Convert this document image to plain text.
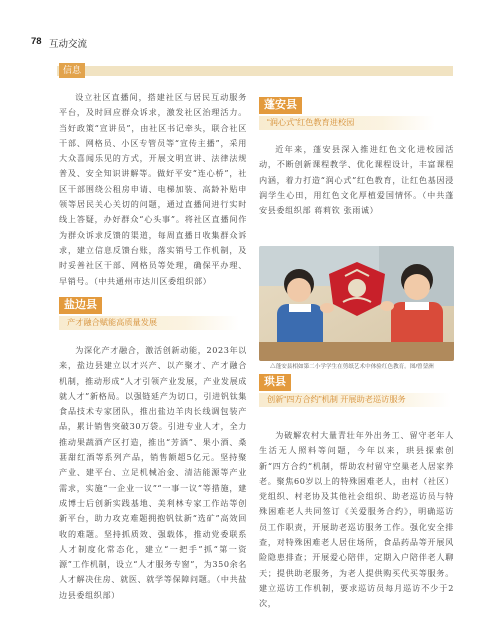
78 互动交流
信息
设立社区直播间，搭建社区与居民互动服务平台，及时回应群众诉求，激发社区治理活力。当好政策“宣讲员”，由社区书记牵头，联合社区干部、网格员、小区专管员等“宣传主播”，采用大众喜闻乐见的方式，开展文明宣讲、法律法规普及、安全知识讲解等。做好平安“连心桥”，社区干部围绕公租房申请、电梯加装、高龄补贴申领等居民关心关切的问题，通过直播间进行实时线上答疑，办好群众“心头事”。将社区直播间作为群众诉求反馈的渠道，每周直播日收集群众诉求，建立信息反馈台账，落实销号工作机制，及时妥善社区干部、网格员等处理，确保平办理、早销号。（中共通州市达川区委组织部）
盐边县
产才融合赋能高质量发展
为深化产才融合，激活创新动能，2023年以来，盐边县建立以才兴产、以产聚才、产才融合机制，推动形成“人才引领产业发展，产业发展成就人才”新格局。以强链延产为切口，引进钒钛集食品技术专家团队，推出盐边羊肉长线调包装产品，累计销售突破30万袋。引进专业人才，全力推动果蔬酒产区打造，推出“芳酒”、果小酒、桑葚甜红酒等系列产品，销售额超5亿元。坚持聚产业、建平台、立足机械冶金、清洁能源等产业需求，实施“一企业一议”“一事一议”等措施，建成博士后创新实践基地、美利林专家工作站等创新平台，助力攻克难题拥抱钒钛新“选矿”高效回收的难题。坚持抓质效、强载体，推动党委联系人才制度化常态化，建立“一把手”抓“第一资源”工作机制，设立“人才服务专窗”，为350余名人才解决住房、就医、就学等保障问题。（中共盐边县委组织部）
蓬安县
“润心式”红色教育进校园
近年来，蓬安县深入推进红色文化进校园活动，不断创新课程教学、优化课程设计，丰富课程内涵，着力打造“润心式”红色教育，让红色基因浸润学生心田，用红色文化厚植爱国情怀。（中共蓬安县委组织部 蒋莉钦 张雨诚）
△蓬安县相如第二小学学生在剪纸艺术中体验红色教育。图/曾蓥洲
珙县
创新“四方合约”机制 开展助老巡访服务
为破解农村大量青壮年外出务工、留守老年人生活无人照料等问题，今年以来，珙县探索创新“四方合约”机制，帮助农村留守空巢老人居家养老。聚焦60岁以上的特殊困难老人，由村（社区）党组织、村老协及其他社会组织、助老巡访员与特殊困难老人共同签订《关爱服务合约》，明确巡访员工作职责，开展助老巡访服务工作。强化安全排查，对特殊困难老人居住场所，食品药品等开展风险隐患排查；开展爱心陪伴，定期入户陪伴老人聊天；提供助老服务，为老人提供购买代买等服务。建立巡访工作机制，要求巡访员每月巡访不少于2次，
